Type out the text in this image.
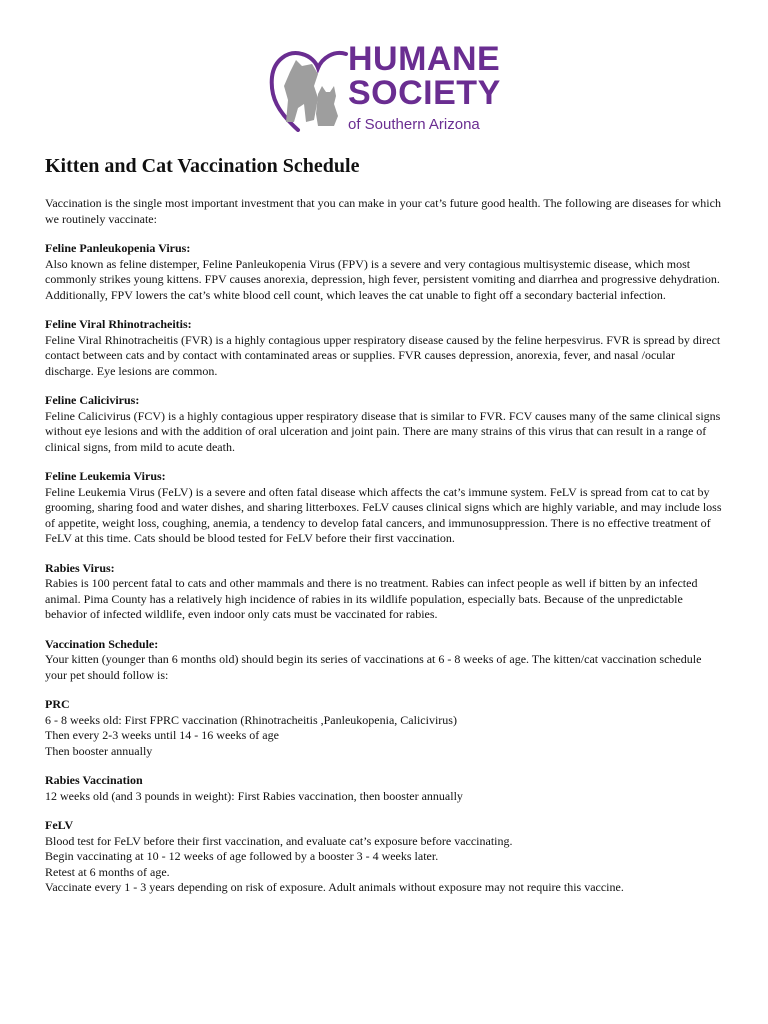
HUMANE
SOCIETY
of Southern Arizona
Kitten and Cat Vaccination Schedule

Vaccination is the single most important investment that you can make in your cat’s future good health. The following are diseases for which we routinely vaccinate:

Feline Panleukopenia Virus:

Also known as feline distemper, Feline Panleukopenia Virus (FPV) is a severe and very contagious multisystemic disease, which most commonly strikes young kittens. FPV causes anorexia, depression, high fever, persistent vomiting and diarrhea and progressive dehydration. Additionally, FPV lowers the cat’s white blood cell count, which leaves the cat unable to fight off a secondary bacterial infection.

Feline Viral Rhinotracheitis:

Feline Viral Rhinotracheitis (FVR) is a highly contagious upper respiratory disease caused by the feline herpesvirus. FVR is spread by direct contact between cats and by contact with contaminated areas or supplies. FVR causes depression, anorexia, fever, and nasal /ocular discharge. Eye lesions are common.

Feline Calicivirus:

Feline Calicivirus (FCV) is a highly contagious upper respiratory disease that is similar to FVR. FCV causes many of the same clinical signs without eye lesions and with the addition of oral ulceration and joint pain. There are many strains of this virus that can result in a range of clinical signs, from mild to acute death.

Feline Leukemia Virus:

Feline Leukemia Virus (FeLV) is a severe and often fatal disease which affects the cat’s immune system. FeLV is spread from cat to cat by grooming, sharing food and water dishes, and sharing litterboxes. FeLV causes clinical signs which are highly variable, and may include loss of appetite, weight loss, coughing, anemia, a tendency to develop fatal cancers, and immunosuppression. There is no effective treatment of FeLV at this time. Cats should be blood tested for FeLV before their first vaccination.

Rabies Virus:

Rabies is 100 percent fatal to cats and other mammals and there is no treatment. Rabies can infect people as well if bitten by an infected animal. Pima County has a relatively high incidence of rabies in its wildlife population, especially bats. Because of the unpredictable behavior of infected wildlife, even indoor only cats must be vaccinated for rabies.

Vaccination Schedule:

Your kitten (younger than 6 months old) should begin its series of vaccinations at 6 - 8 weeks of age. The kitten/cat vaccination schedule your pet should follow is:

PRC
6 - 8 weeks old: First FPRC vaccination (Rhinotracheitis ,Panleukopenia, Calicivirus)
Then every 2-3 weeks until 14 - 16 weeks of age
Then booster annually
Rabies Vaccination
12 weeks old (and 3 pounds in weight): First Rabies vaccination, then booster annually
FeLV
Blood test for FeLV before their first vaccination, and evaluate cat’s exposure before vaccinating.
Begin vaccinating at 10 - 12 weeks of age followed by a booster 3 - 4 weeks later.
Retest at 6 months of age.
Vaccinate every 1 - 3 years depending on risk of exposure. Adult animals without exposure may not require this vaccine.
